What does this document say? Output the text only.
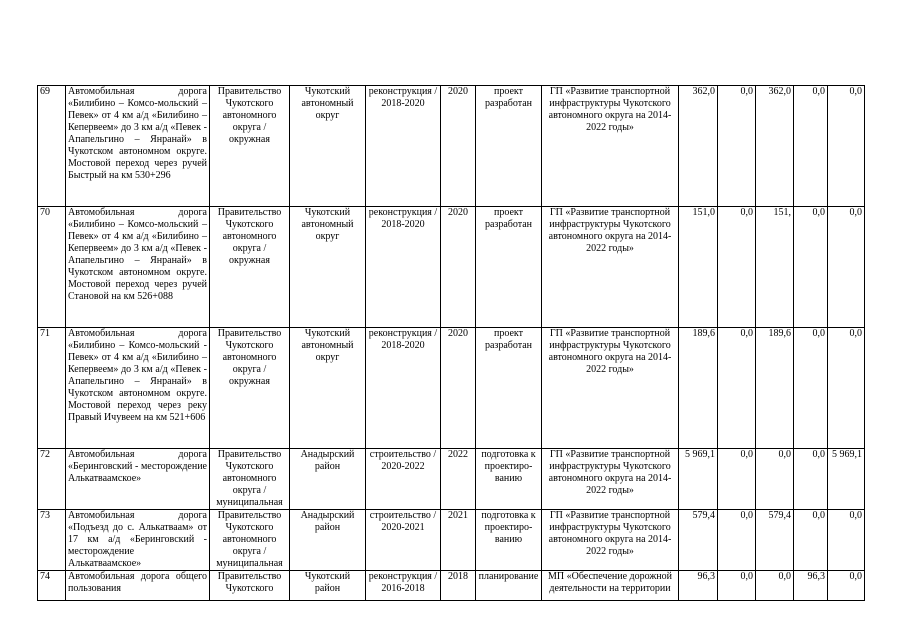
69	Автомобильная дорога «Билибино – Комсо-мольский – Певек» от 4 км а/д «Билибино – Кепервеем» до 3 км а/д «Певек - Апапельгино – Янранай» в Чукотском автономном округе. Мостовой переход через ручей Быстрый на км 530+296	Правительство Чукотского автономного округа / окружная	Чукотский автономный округ	реконструкция / 2018-2020	2020	проект разработан	ГП «Развитие транспортной инфраструктуры Чукотского автономного округа на 2014-2022 годы»	362,0	0,0	362,0	0,0	0,0
70	Автомобильная дорога «Билибино – Комсо-мольский – Певек» от 4 км а/д «Билибино – Кепервеем» до 3 км а/д «Певек - Апапельгино – Янранай» в Чукотском автономном округе. Мостовой переход через ручей Становой на км 526+088	Правительство Чукотского автономного округа / окружная	Чукотский автономный округ	реконструкция / 2018-2020	2020	проект разработан	ГП «Развитие транспортной инфраструктуры Чукотского автономного округа на 2014-2022 годы»	151,0	0,0	151,	0,0	0,0
71	Автомобильная дорога «Билибино – Комсо-мольский - Певек» от 4 км а/д «Билибино – Кепервеем» до 3 км а/д «Певек - Апапельгино – Янранай» в Чукотском автономном округе. Мостовой переход через реку Правый Ичувеем на км 521+606	Правительство Чукотского автономного округа / окружная	Чукотский автономный округ	реконструкция / 2018-2020	2020	проект разработан	ГП «Развитие транспортной инфраструктуры Чукотского автономного округа на 2014-2022 годы»	189,6	0,0	189,6	0,0	0,0
72	Автомобильная дорога «Беринговский - месторождение Алькатваамское»	Правительство Чукотского автономного округа / муниципальная	Анадырский район	строительство / 2020-2022	2022	подготовка к проектиро-ванию	ГП «Развитие транспортной инфраструктуры Чукотского автономного округа на 2014-2022 годы»	5 969,1	0,0	0,0	0,0	5 969,1
73	Автомобильная дорога «Подъезд до с. Алькатваам» от 17 км а/д «Беринговский - месторождение Алькатваамское»	Правительство Чукотского автономного округа / муниципальная	Анадырский район	строительство / 2020-2021	2021	подготовка к проектиро-ванию	ГП «Развитие транспортной инфраструктуры Чукотского автономного округа на 2014-2022 годы»	579,4	0,0	579,4	0,0	0,0
74	Автомобильная дорога общего пользования	Правительство Чукотского	Чукотский район	реконструкция / 2016-2018	2018	планирование	МП «Обеспечение дорожной деятельности на территории	96,3	0,0	0,0	96,3	0,0
